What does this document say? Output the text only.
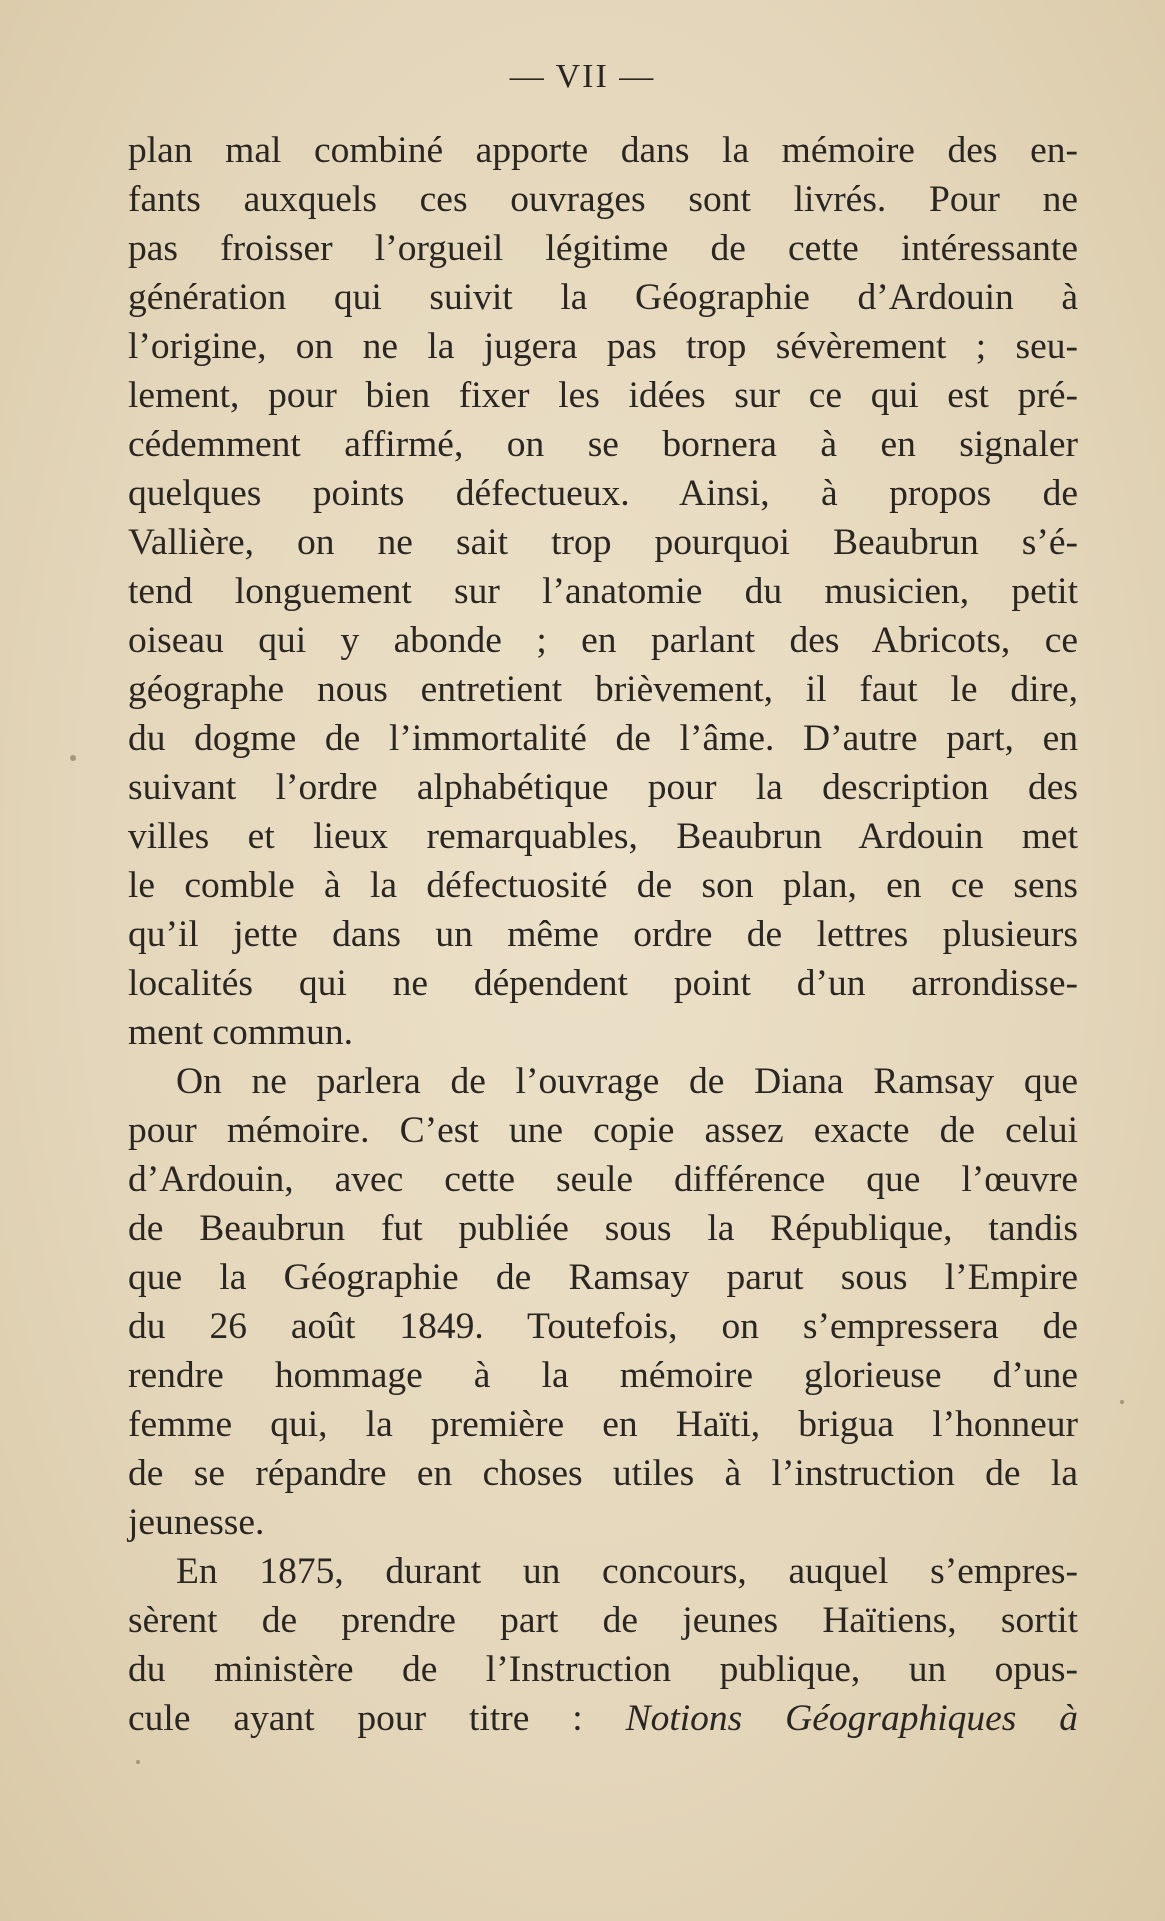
— VII —
plan mal combiné apporte dans la mémoire des en-
fants auxquels ces ouvrages sont livrés. Pour ne
pas froisser l’orgueil légitime de cette intéressante
génération qui suivit la Géographie d’Ardouin à
l’origine, on ne la jugera pas trop sévèrement ; seu-
lement, pour bien fixer les idées sur ce qui est pré-
cédemment affirmé, on se bornera à en signaler
quelques points défectueux. Ainsi, à propos de
Vallière, on ne sait trop pourquoi Beaubrun s’é-
tend longuement sur l’anatomie du musicien, petit
oiseau qui y abonde ; en parlant des Abricots, ce
géographe nous entretient brièvement, il faut le dire,
du dogme de l’immortalité de l’âme. D’autre part, en
suivant l’ordre alphabétique pour la description des
villes et lieux remarquables, Beaubrun Ardouin met
le comble à la défectuosité de son plan, en ce sens
qu’il jette dans un même ordre de lettres plusieurs
localités qui ne dépendent point d’un arrondisse-
ment commun.
On ne parlera de l’ouvrage de Diana Ramsay que
pour mémoire. C’est une copie assez exacte de celui
d’Ardouin, avec cette seule différence que l’œuvre
de Beaubrun fut publiée sous la République, tandis
que la Géographie de Ramsay parut sous l’Empire
du 26 août 1849. Toutefois, on s’empressera de
rendre hommage à la mémoire glorieuse d’une
femme qui, la première en Haïti, brigua l’honneur
de se répandre en choses utiles à l’instruction de la
jeunesse.
En 1875, durant un concours, auquel s’empres-
sèrent de prendre part de jeunes Haïtiens, sortit
du ministère de l’Instruction publique, un opus-
cule ayant pour titre : Notions Géographiques à
